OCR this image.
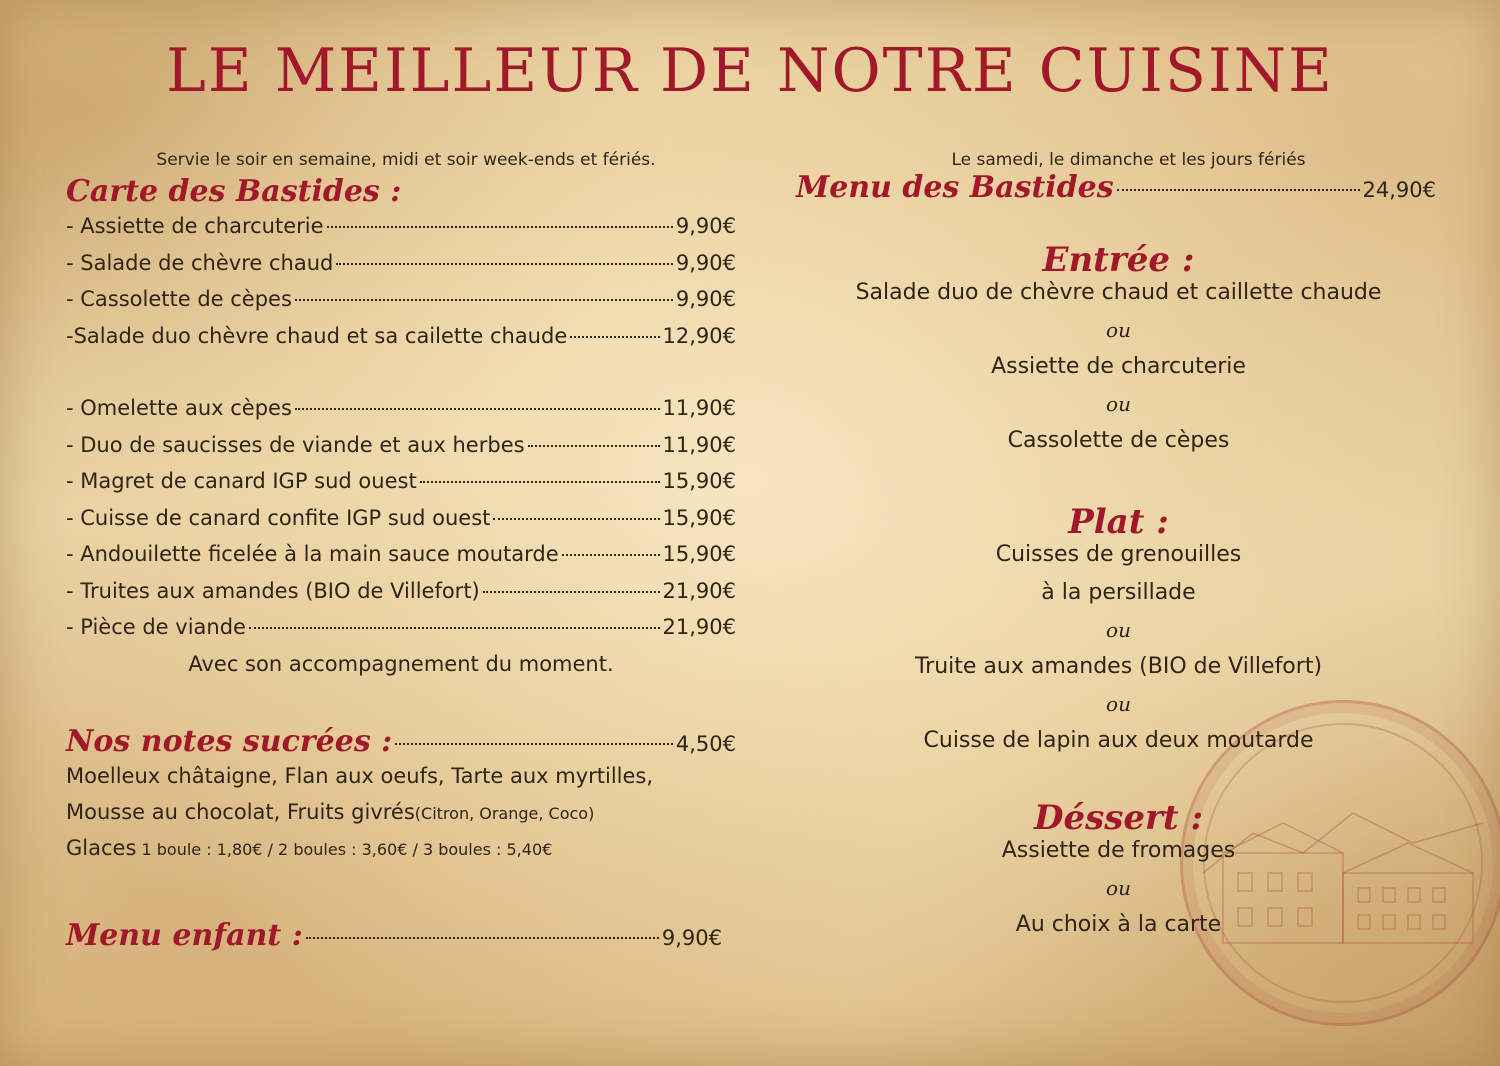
LE MEILLEUR DE NOTRE CUISINE
Servie le soir en semaine, midi et soir week-ends et fériés.
Carte des Bastides :
- Assiette de charcuterie	9,90€
- Salade de chèvre chaud	9,90€
- Cassolette de cèpes	9,90€
-Salade duo chèvre chaud et sa cailette chaude	12,90€
- Omelette aux cèpes	11,90€
- Duo de saucisses de viande et aux herbes	11,90€
- Magret de canard IGP sud ouest	15,90€
- Cuisse de canard confite IGP sud ouest	15,90€
- Andouilette ficelée à la main sauce moutarde	15,90€
- Truites aux amandes (BIO de Villefort)	21,90€
- Pièce de viande	21,90€
Avec son accompagnement du moment.
Nos notes sucrées :	4,50€
Moelleux châtaigne, Flan aux oeufs, Tarte aux myrtilles,
Mousse au chocolat, Fruits givrés(Citron, Orange, Coco)
Glaces 1 boule : 1,80€ / 2 boules : 3,60€ / 3 boules : 5,40€
Menu enfant :	9,90€
Le samedi, le dimanche et les jours fériés
Menu des Bastides	24,90€
Entrée :
Salade duo de chèvre chaud et caillette chaude
ou
Assiette de charcuterie
ou
Cassolette de cèpes
Plat :
Cuisses de grenouilles
à la persillade
ou
Truite aux amandes (BIO de Villefort)
ou
Cuisse de lapin aux deux moutarde
Déssert :
Assiette de fromages
ou
Au choix à la carte
